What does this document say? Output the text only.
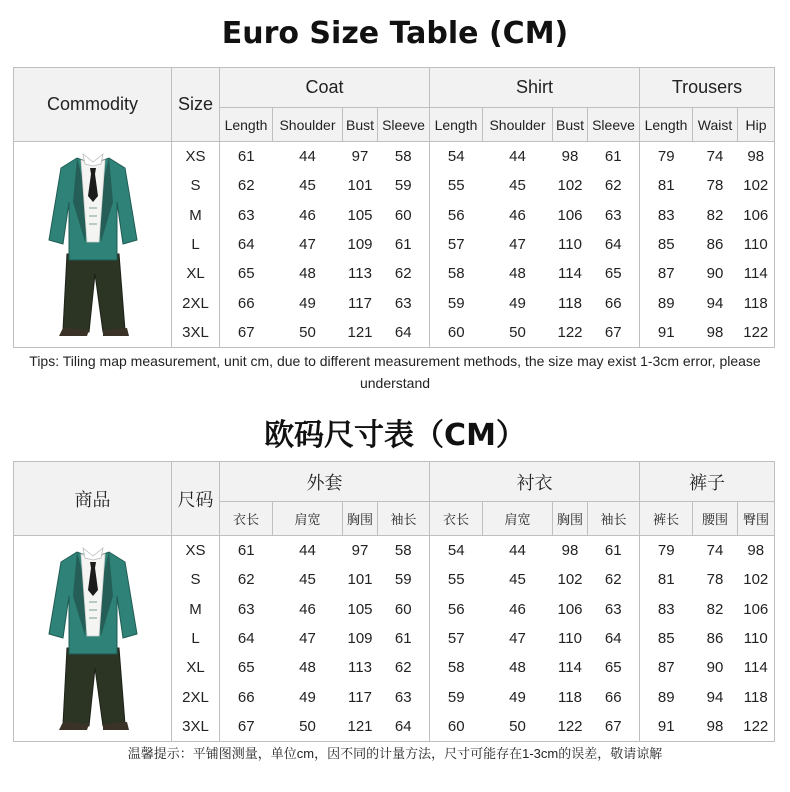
Euro Size Table (CM)
Commodity	Size	Coat				Shirt				Trousers		
		Length	Shoulder	Bust	Sleeve	Length	Shoulder	Bust	Sleeve	Length	Waist	Hip
	XS	61	44	97	58	54	44	98	61	79	74	98
	S	62	45	101	59	55	45	102	62	81	78	102
	M	63	46	105	60	56	46	106	63	83	82	106
	L	64	47	109	61	57	47	110	64	85	86	110
	XL	65	48	113	62	58	48	114	65	87	90	114
	2XL	66	49	117	63	59	49	118	66	89	94	118
	3XL	67	50	121	64	60	50	122	67	91	98	122
Tips: Tiling map measurement, unit cm, due to different measurement methods, the size may exist 1-3cm error, please understand
欧码尺寸表（CM）
商品	尺码	外套				衬衣				裤子		
		衣长	肩宽	胸围	袖长	衣长	肩宽	胸围	袖长	裤长	腰围	臀围
	XS	61	44	97	58	54	44	98	61	79	74	98
	S	62	45	101	59	55	45	102	62	81	78	102
	M	63	46	105	60	56	46	106	63	83	82	106
	L	64	47	109	61	57	47	110	64	85	86	110
	XL	65	48	113	62	58	48	114	65	87	90	114
	2XL	66	49	117	63	59	49	118	66	89	94	118
	3XL	67	50	121	64	60	50	122	67	91	98	122
温馨提示：平铺图测量，单位cm，因不同的计量方法，尺寸可能存在1-3cm的误差，敬请谅解
